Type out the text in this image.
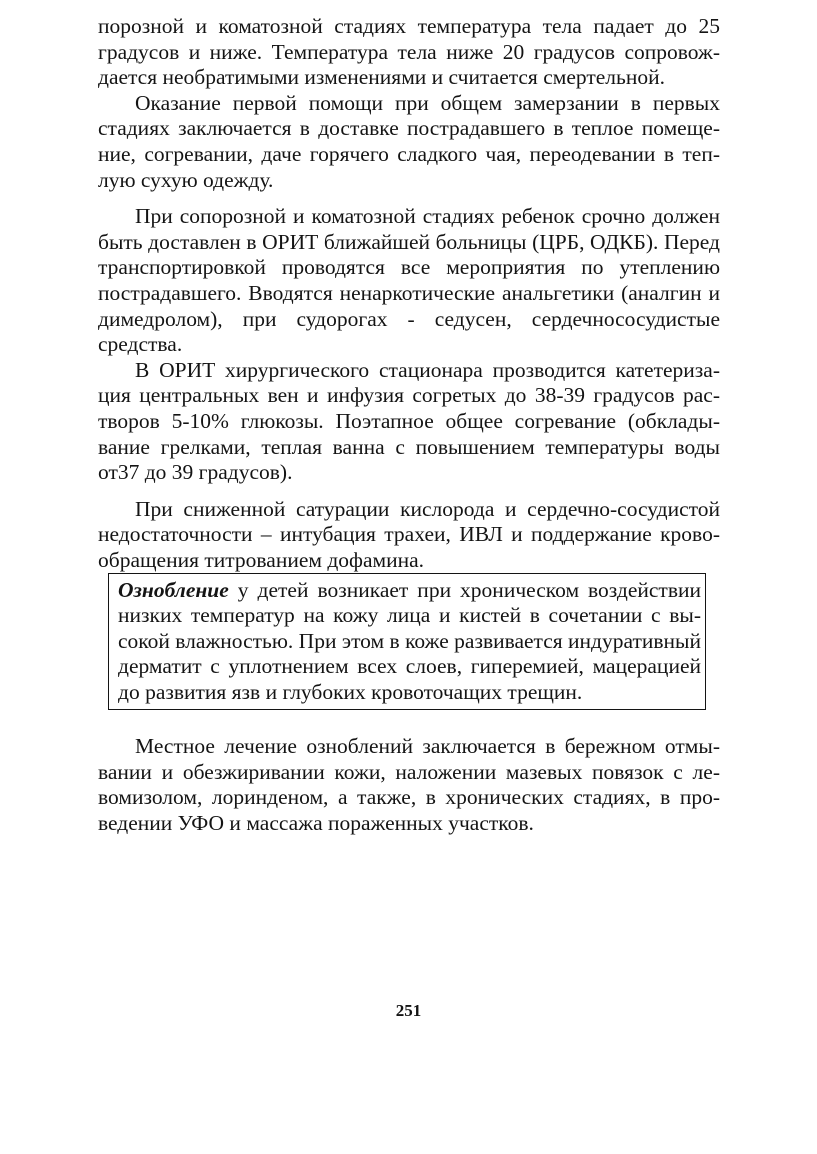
порозной и коматозной стадиях температура тела падает до 25 градусов и ниже. Температура тела ниже 20 градусов сопровождается необратимыми изменениями и считается смертельной.

Оказание первой помощи при общем замерзании в первых стадиях заключается в доставке пострадавшего в теплое помещение, согревании, даче горячего сладкого чая, переодевании в теплую сухую одежду.

При сопорозной и коматозной стадиях ребенок срочно должен быть доставлен в ОРИТ ближайшей больницы (ЦРБ, ОДКБ). Перед транспортировкой проводятся все мероприятия по утеплению пострадавшего. Вводятся ненаркотические анальгетики (аналгин и димедролом), при судорогах - седусен, сердечнососудистые средства.

В ОРИТ хирургического стационара прозводится катетеризация центральных вен и инфузия согретых до 38-39 градусов растворов 5-10% глюкозы. Поэтапное общее согревание (обкладывание грелками, теплая ванна с повышением температуры воды от37 до 39 градусов).

При сниженной сатурации кислорода и сердечно-сосудистой недостаточности – интубация трахеи, ИВЛ и поддержание кровообращения титрованием дофамина.

Ознобление у детей возникает при хроническом воздействии низких температур на кожу лица и кистей в сочетании с высокой влажностью. При этом в коже развивается индуративный дерматит с уплотнением всех слоев, гиперемией, мацерацией до развития язв и глубоких кровоточащих трещин.

Местное лечение ознoблений заключается в бережном отмывании и обезжиривании кожи, наложении мазевых повязок с левомизолом, лоринденом, а также, в хронических стадиях, в проведении УФО и массажа пораженных участков.

251
